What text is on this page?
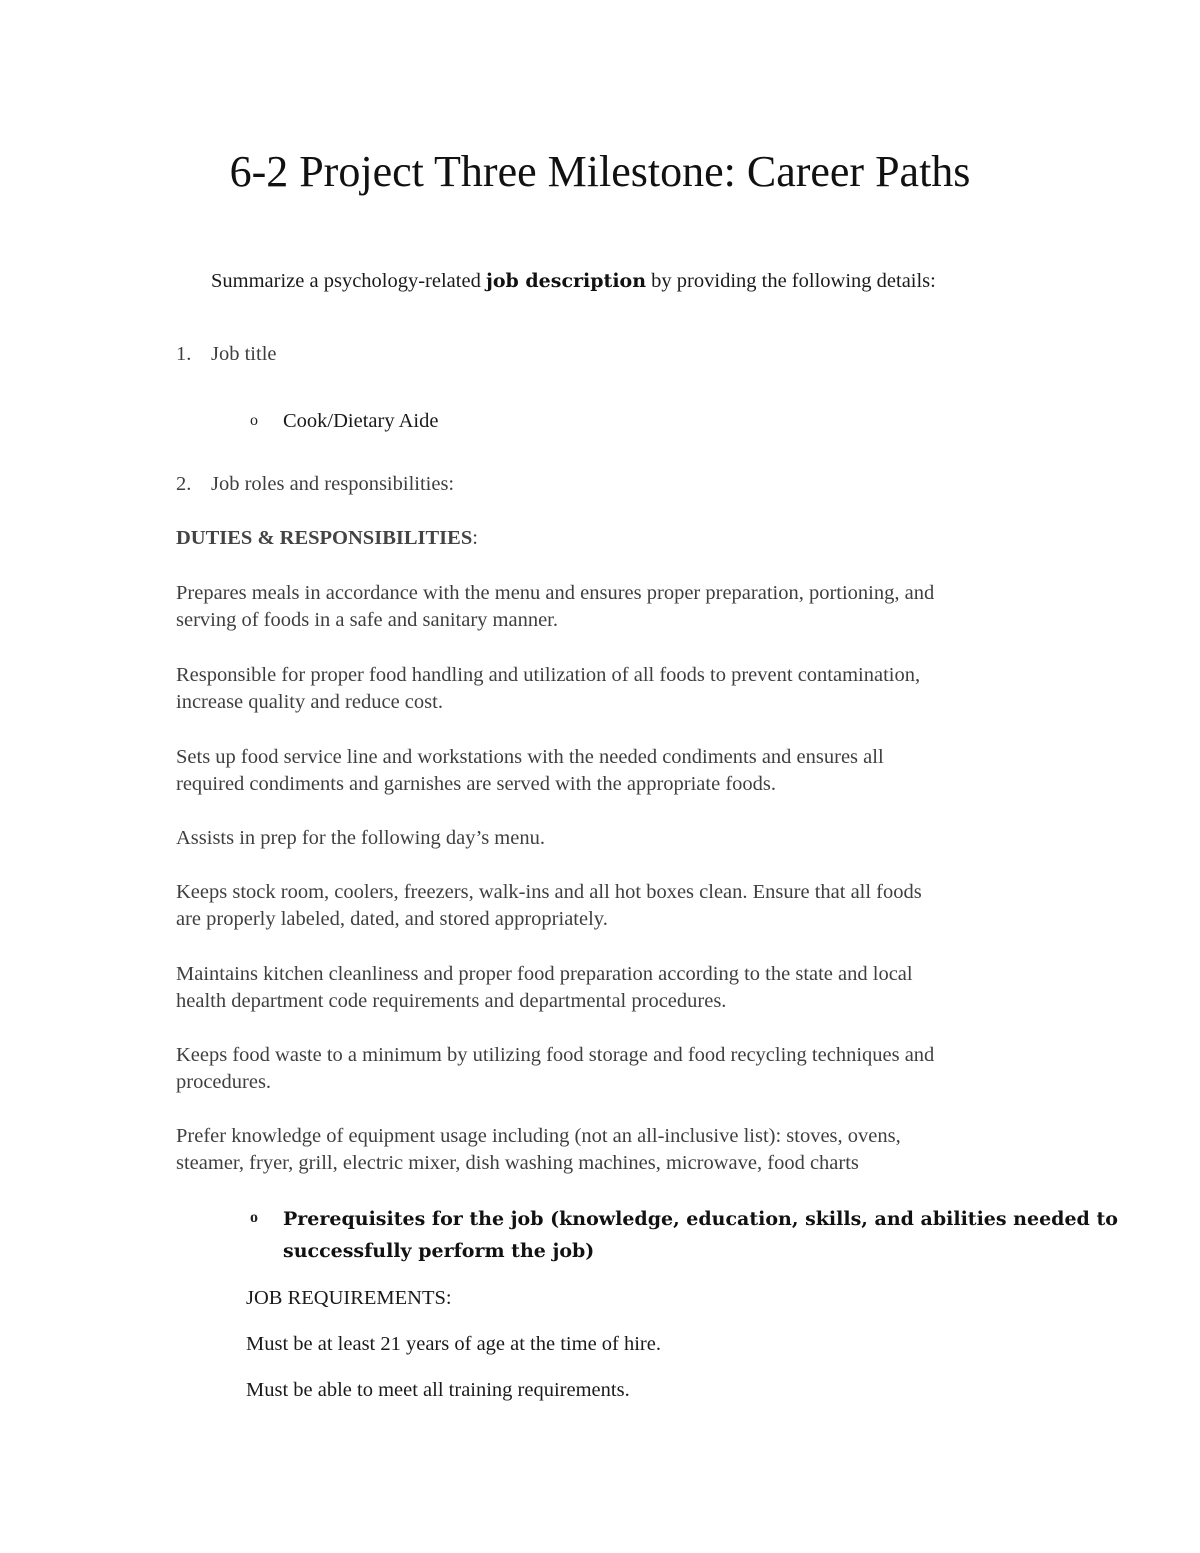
6-2 Project Three Milestone: Career Paths
Summarize a psychology-related job description by providing the following details:
1. Job title
o Cook/Dietary Aide
2. Job roles and responsibilities:
DUTIES & RESPONSIBILITIES:
Prepares meals in accordance with the menu and ensures proper preparation, portioning, and
serving of foods in a safe and sanitary manner.
Responsible for proper food handling and utilization of all foods to prevent contamination,
increase quality and reduce cost.
Sets up food service line and workstations with the needed condiments and ensures all
required condiments and garnishes are served with the appropriate foods.
Assists in prep for the following day’s menu.
Keeps stock room, coolers, freezers, walk-ins and all hot boxes clean. Ensure that all foods
are properly labeled, dated, and stored appropriately.
Maintains kitchen cleanliness and proper food preparation according to the state and local
health department code requirements and departmental procedures.
Keeps food waste to a minimum by utilizing food storage and food recycling techniques and
procedures.
Prefer knowledge of equipment usage including (not an all-inclusive list): stoves, ovens,
steamer, fryer, grill, electric mixer, dish washing machines, microwave, food charts
o Prerequisites for the job (knowledge, education, skills, and abilities needed to
successfully perform the job)
JOB REQUIREMENTS:
Must be at least 21 years of age at the time of hire.
Must be able to meet all training requirements.
